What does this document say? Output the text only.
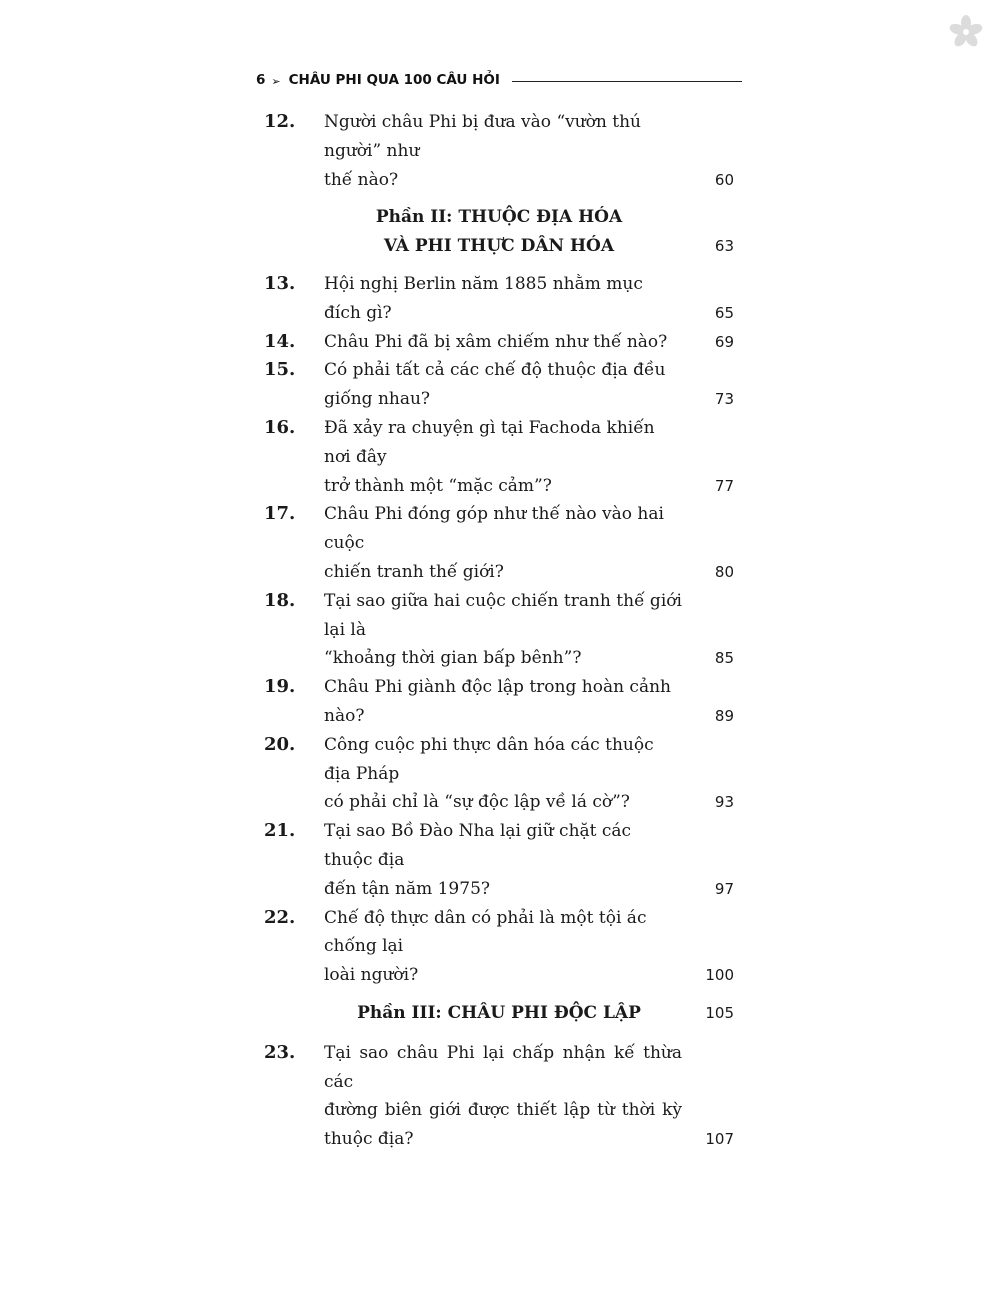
6 ➢ CHÂU PHI QUA 100 CÂU HỎI
12. Người châu Phi bị đưa vào “vườn thú người” như
thế nào?	60
Phần II: THUỘC ĐỊA HÓA
VÀ PHI THỰC DÂN HÓA	63
13. Hội nghị Berlin năm 1885 nhằm mục đích gì?	65
14. Châu Phi đã bị xâm chiếm như thế nào?	69
15. Có phải tất cả các chế độ thuộc địa đều giống nhau?	73
16. Đã xảy ra chuyện gì tại Fachoda khiến nơi đây
trở thành một “mặc cảm”?	77
17. Châu Phi đóng góp như thế nào vào hai cuộc
chiến tranh thế giới?	80
18. Tại sao giữa hai cuộc chiến tranh thế giới lại là
“khoảng thời gian bấp bênh”?	85
19. Châu Phi giành độc lập trong hoàn cảnh nào?	89
20. Công cuộc phi thực dân hóa các thuộc địa Pháp
có phải chỉ là “sự độc lập về lá cờ”?	93
21. Tại sao Bồ Đào Nha lại giữ chặt các thuộc địa
đến tận năm 1975?	97
22. Chế độ thực dân có phải là một tội ác chống lại
loài người?	100
Phần III: CHÂU PHI ĐỘC LẬP	105
23. Tại sao châu Phi lại chấp nhận kế thừa các
đường biên giới được thiết lập từ thời kỳ
thuộc địa?	107
